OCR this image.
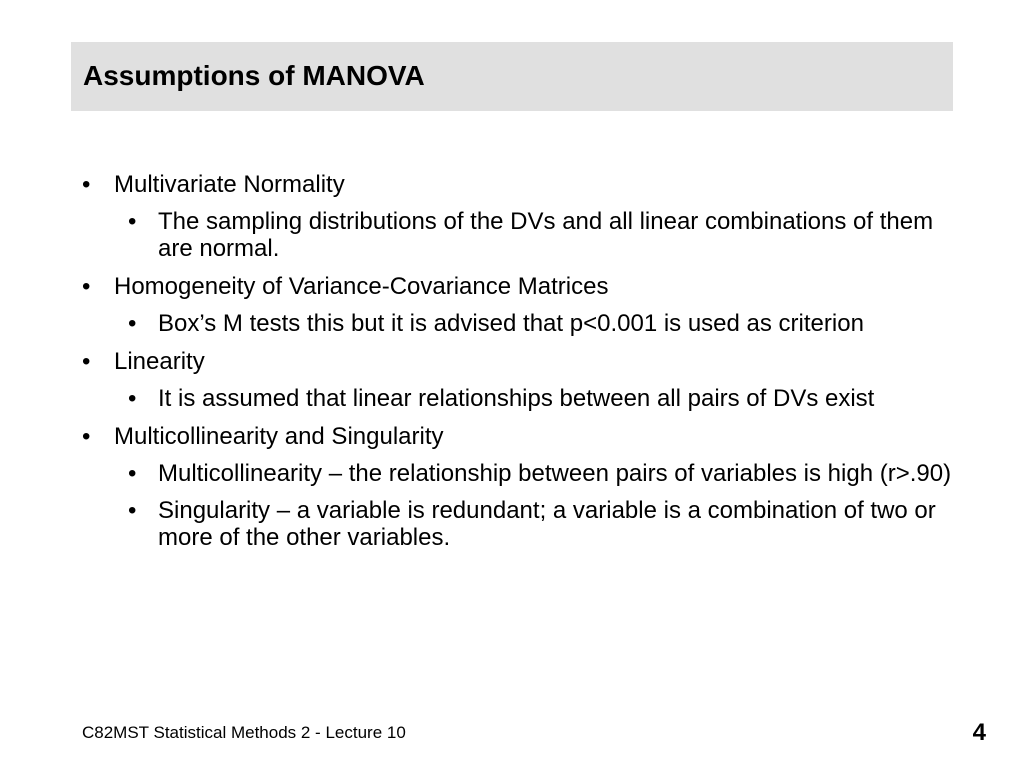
Assumptions of MANOVA
• Multivariate Normality
• The sampling distributions of the DVs and all linear combinations of them are normal.
• Homogeneity of Variance-Covariance Matrices
• Box’s M tests this but it is advised that p<0.001 is used as criterion
• Linearity
• It is assumed that linear relationships between all pairs of DVs exist
• Multicollinearity and Singularity
• Multicollinearity – the relationship between pairs of variables is high (r>.90)
• Singularity – a variable is redundant; a variable is a combination of two or more of the other variables.
C82MST Statistical Methods 2 - Lecture 10	4
